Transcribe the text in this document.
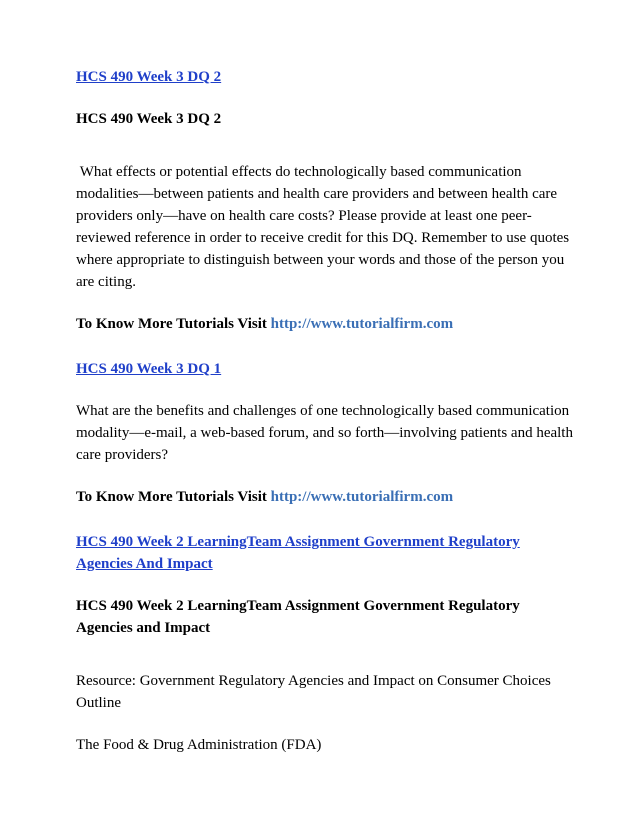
HCS 490 Week 3 DQ 2

HCS 490 Week 3 DQ 2

What effects or potential effects do technologically based communication modalities—between patients and health care providers and between health care providers only—have on health care costs? Please provide at least one peer-reviewed reference in order to receive credit for this DQ. Remember to use quotes where appropriate to distinguish between your words and those of the person you are citing.

To Know More Tutorials Visit http://www.tutorialfirm.com

HCS 490 Week 3 DQ 1

What are the benefits and challenges of one technologically based communication modality—e-mail, a web-based forum, and so forth—involving patients and health care providers?

To Know More Tutorials Visit http://www.tutorialfirm.com

HCS 490 Week 2 LearningTeam Assignment Government Regulatory Agencies And Impact

HCS 490 Week 2 LearningTeam Assignment Government Regulatory Agencies and Impact

Resource: Government Regulatory Agencies and Impact on Consumer Choices Outline

The Food & Drug Administration (FDA)
